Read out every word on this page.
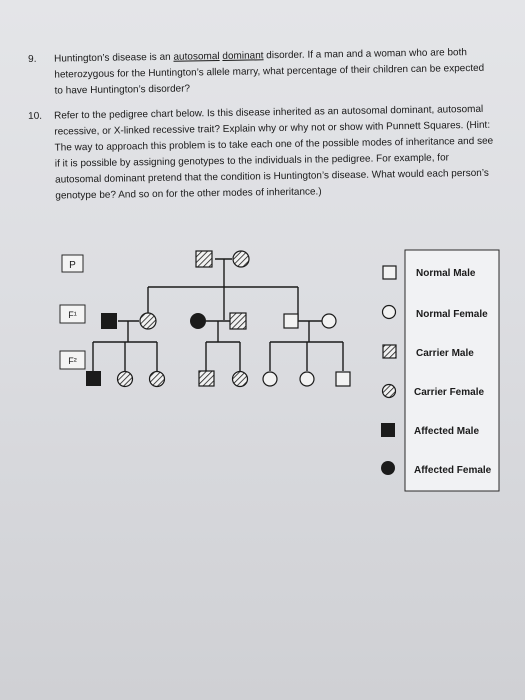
9. Huntington’s disease is an autosomal dominant disorder. If a man and a woman who are both heterozygous for the Huntington’s allele marry, what percentage of their children can be expected to have Huntington’s disorder?
10. Refer to the pedigree chart below. Is this disease inherited as an autosomal dominant, autosomal recessive, or X-linked recessive trait? Explain why or why not or show with Punnett Squares. (Hint: The way to approach this problem is to take each one of the possible modes of inheritance and see if it is possible by assigning genotypes to the individuals in the pedigree. For example, for autosomal dominant pretend that the condition is Huntington’s disease. What would each person’s genotype be? And so on for the other modes of inheritance.)
P
F¹
F²
Normal Male
Normal Female
Carrier Male
Carrier Female
Affected Male
Affected Female
